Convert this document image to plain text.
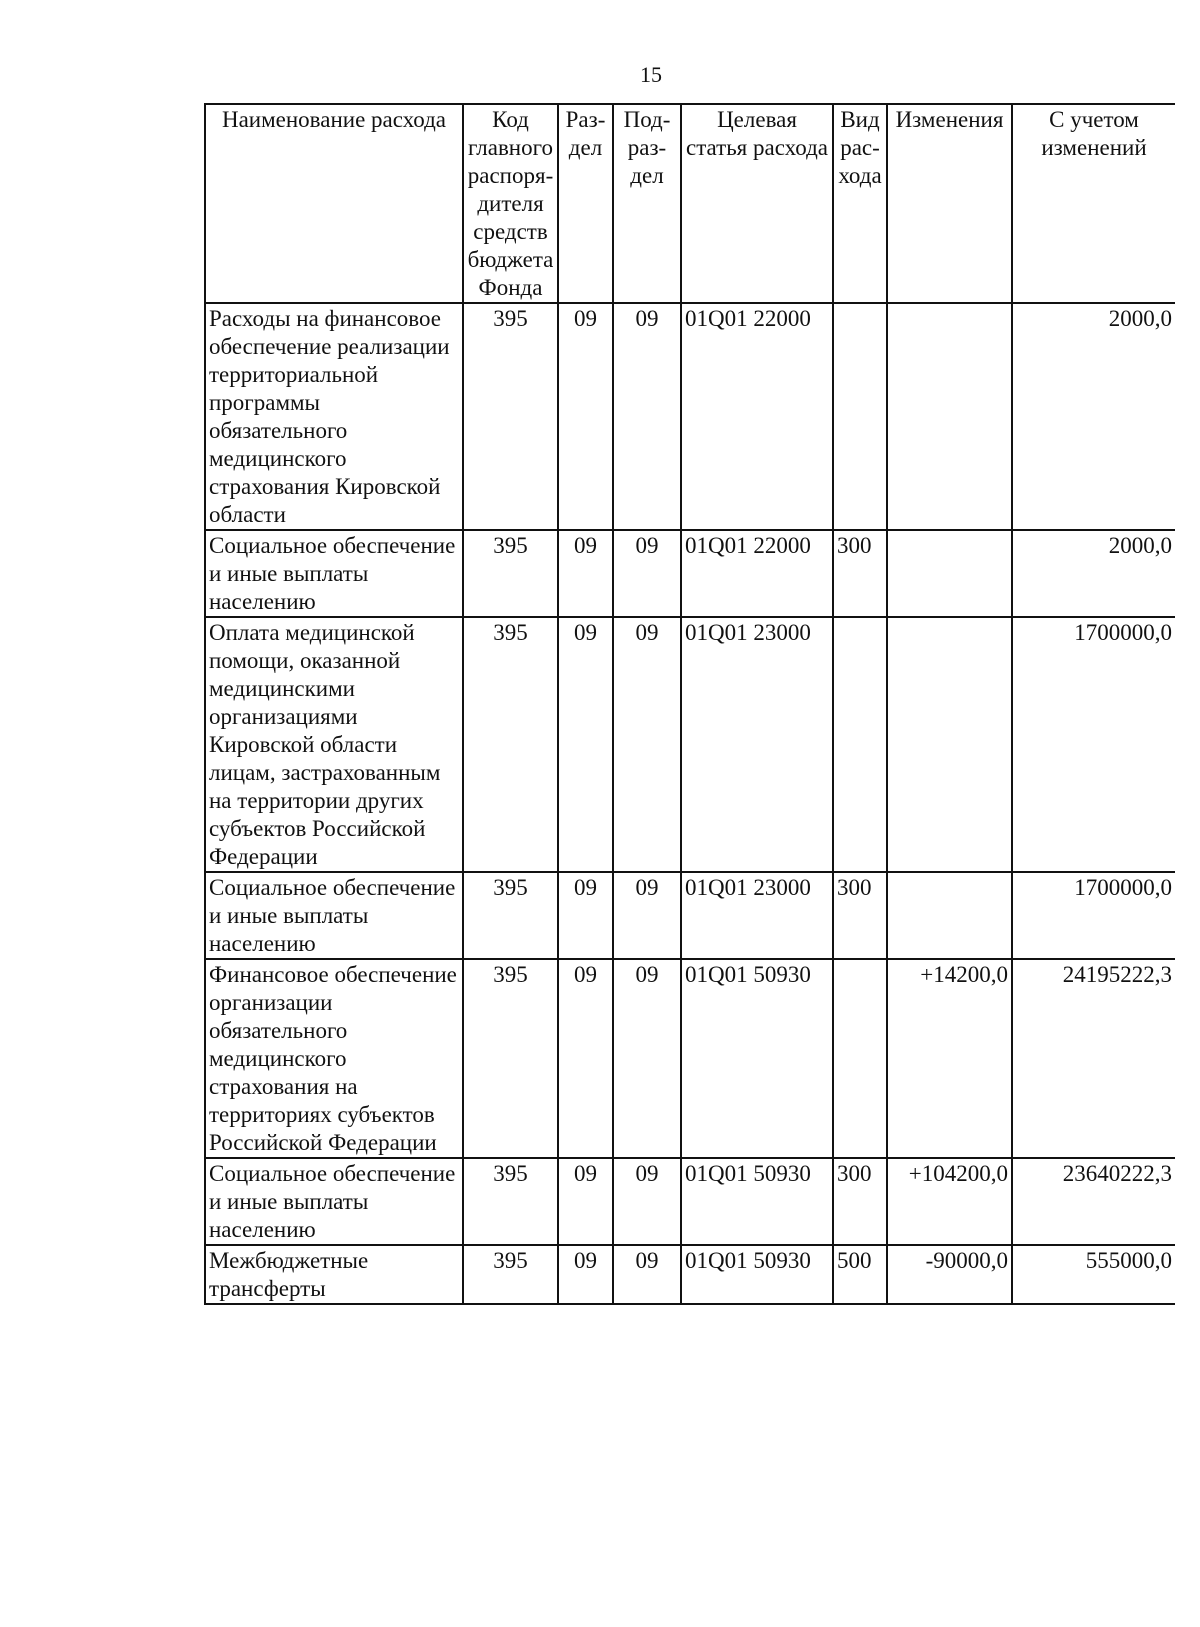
15
Наименование расхода	Код главного распоря- дителя средств бюджета Фонда	Раз- дел	Под- раз- дел	Целевая статья расхода	Вид рас- хода	Изменения	С учетом изменений
Расходы на финансовое обеспечение реализации территориальной программы обязательного медицинского страхования Кировской области	395	09	09	01Q01 22000			2000,0
Социальное обеспечение и иные выплаты населению	395	09	09	01Q01 22000	300		2000,0
Оплата медицинской помощи, оказанной медицинскими организациями Кировской области лицам, застрахованным на территории других субъектов Российской Федерации	395	09	09	01Q01 23000			1700000,0
Социальное обеспечение и иные выплаты населению	395	09	09	01Q01 23000	300		1700000,0
Финансовое обеспечение организации обязательного медицинского страхования на территориях субъектов Российской Федерации	395	09	09	01Q01 50930		+14200,0	24195222,3
Социальное обеспечение и иные выплаты населению	395	09	09	01Q01 50930	300	+104200,0	23640222,3
Межбюджетные трансферты	395	09	09	01Q01 50930	500	-90000,0	555000,0
